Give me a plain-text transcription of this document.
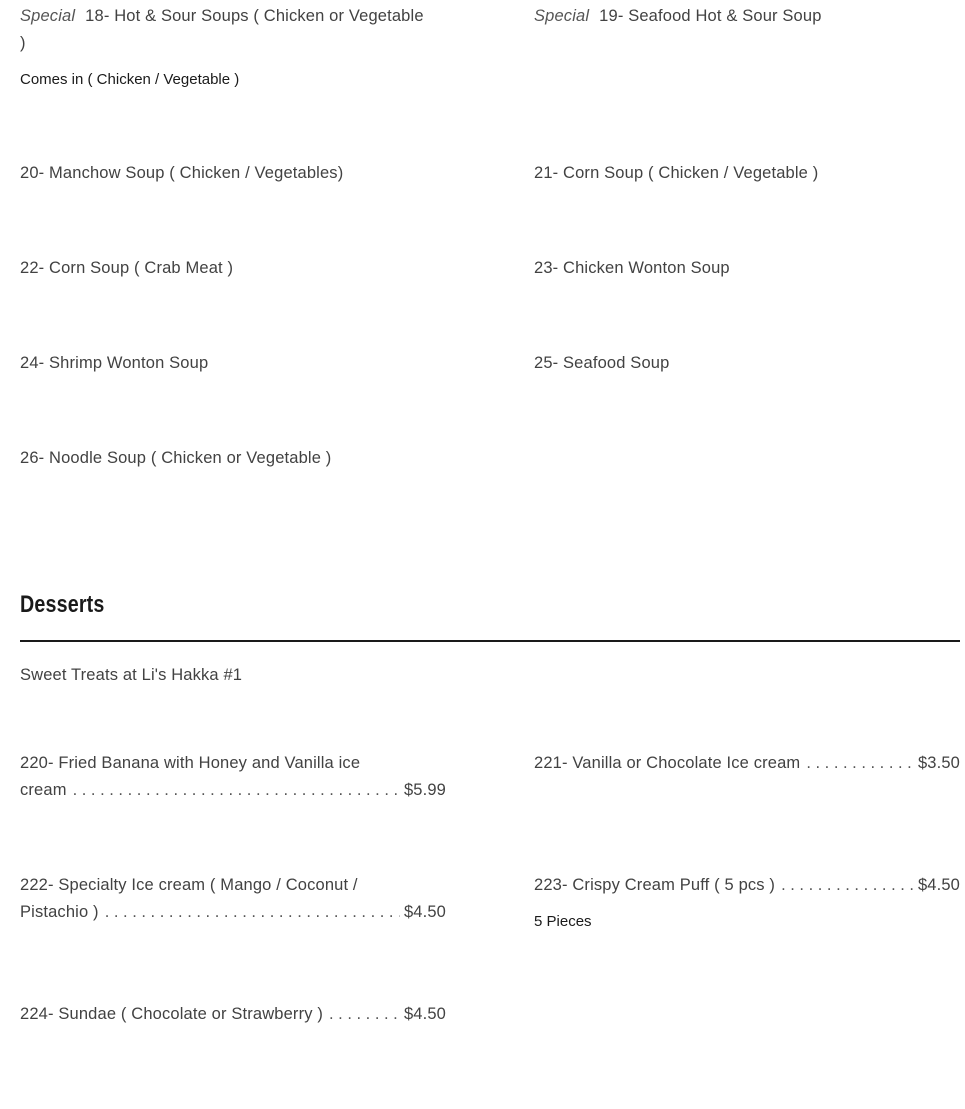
Special 18- Hot & Sour Soups ( Chicken or Vegetable
)
Comes in ( Chicken / Vegetable )
Special 19- Seafood Hot & Sour Soup
20- Manchow Soup ( Chicken / Vegetables)	21- Corn Soup ( Chicken / Vegetable )
22- Corn Soup ( Crab Meat )	23- Chicken Wonton Soup
24- Shrimp Wonton Soup	25- Seafood Soup
26- Noodle Soup ( Chicken or Vegetable )
Desserts
Sweet Treats at Li's Hakka #1
220- Fried Banana with Honey and Vanilla ice
cream . . .	$5.99
221- Vanilla or Chocolate Ice cream . . .	$3.50
222- Specialty Ice cream ( Mango / Coconut /
Pistachio ) . . .	$4.50
223- Crispy Cream Puff ( 5 pcs ) . . .	$4.50
5 Pieces
224- Sundae ( Chocolate or Strawberry ) . . .	$4.50
